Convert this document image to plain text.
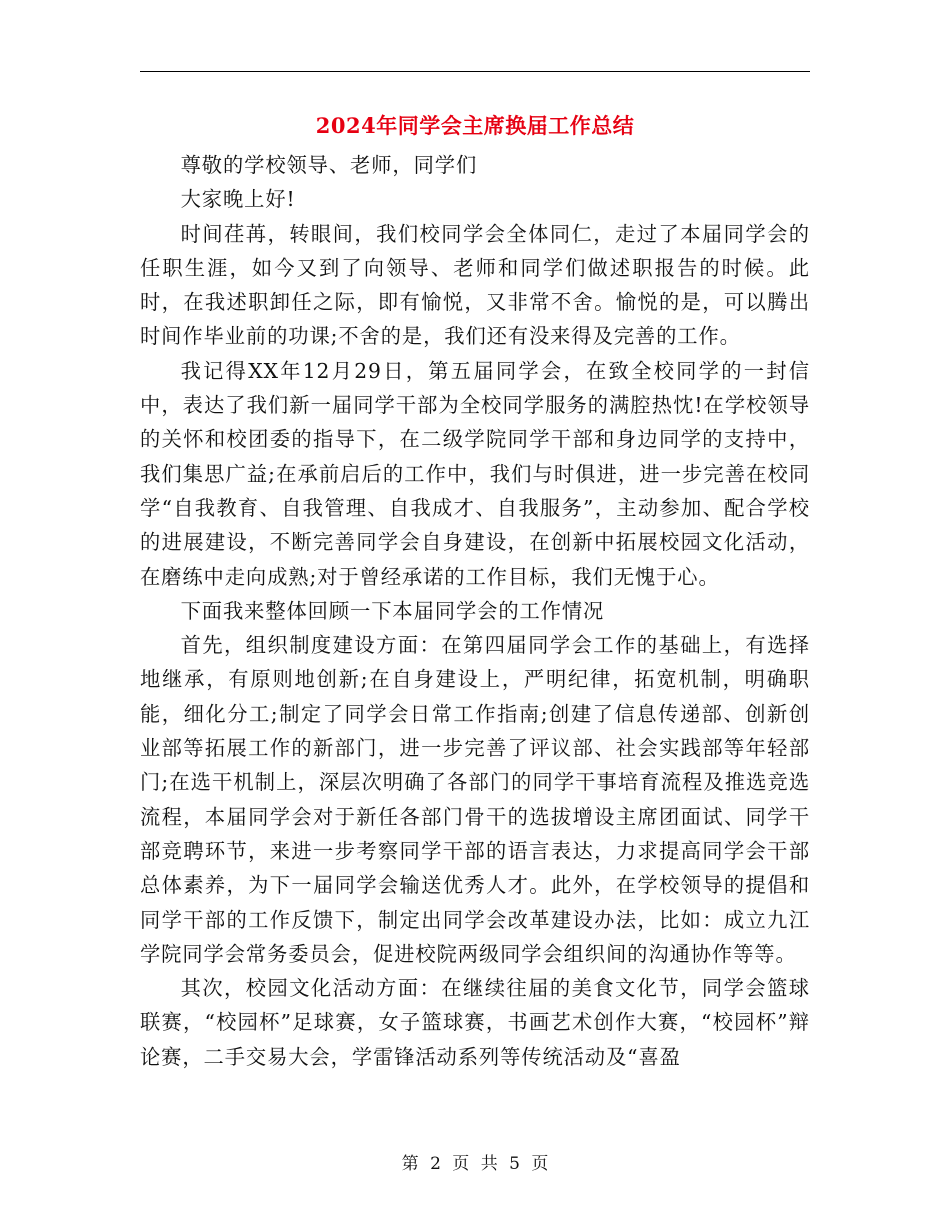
2024年同学会主席换届工作总结

尊敬的学校领导、老师，同学们

大家晚上好!

时间荏苒，转眼间，我们校同学会全体同仁，走过了本届同学会的任职生涯，如今又到了向领导、老师和同学们做述职报告的时候。此时，在我述职卸任之际，即有愉悦，又非常不舍。愉悦的是，可以腾出时间作毕业前的功课;不舍的是，我们还有没来得及完善的工作。

我记得XX年12月29日，第五届同学会，在致全校同学的一封信中，表达了我们新一届同学干部为全校同学服务的满腔热忱!在学校领导的关怀和校团委的指导下，在二级学院同学干部和身边同学的支持中，我们集思广益;在承前启后的工作中，我们与时俱进，进一步完善在校同学“自我教育、自我管理、自我成才、自我服务”，主动参加、配合学校的进展建设，不断完善同学会自身建设，在创新中拓展校园文化活动，在磨练中走向成熟;对于曾经承诺的工作目标，我们无愧于心。

下面我来整体回顾一下本届同学会的工作情况

首先，组织制度建设方面：在第四届同学会工作的基础上，有选择地继承，有原则地创新;在自身建设上，严明纪律，拓宽机制，明确职能，细化分工;制定了同学会日常工作指南;创建了信息传递部、创新创业部等拓展工作的新部门，进一步完善了评议部、社会实践部等年轻部门;在选干机制上，深层次明确了各部门的同学干事培育流程及推选竞选流程，本届同学会对于新任各部门骨干的选拔增设主席团面试、同学干部竞聘环节，来进一步考察同学干部的语言表达，力求提高同学会干部总体素养，为下一届同学会输送优秀人才。此外，在学校领导的提倡和同学干部的工作反馈下，制定出同学会改革建设办法，比如：成立九江学院同学会常务委员会，促进校院两级同学会组织间的沟通协作等等。

其次，校园文化活动方面：在继续往届的美食文化节，同学会篮球联赛，“校园杯”足球赛，女子篮球赛，书画艺术创作大赛，“校园杯”辩论赛，二手交易大会，学雷锋活动系列等传统活动及“喜盈

第 2 页 共 5 页
